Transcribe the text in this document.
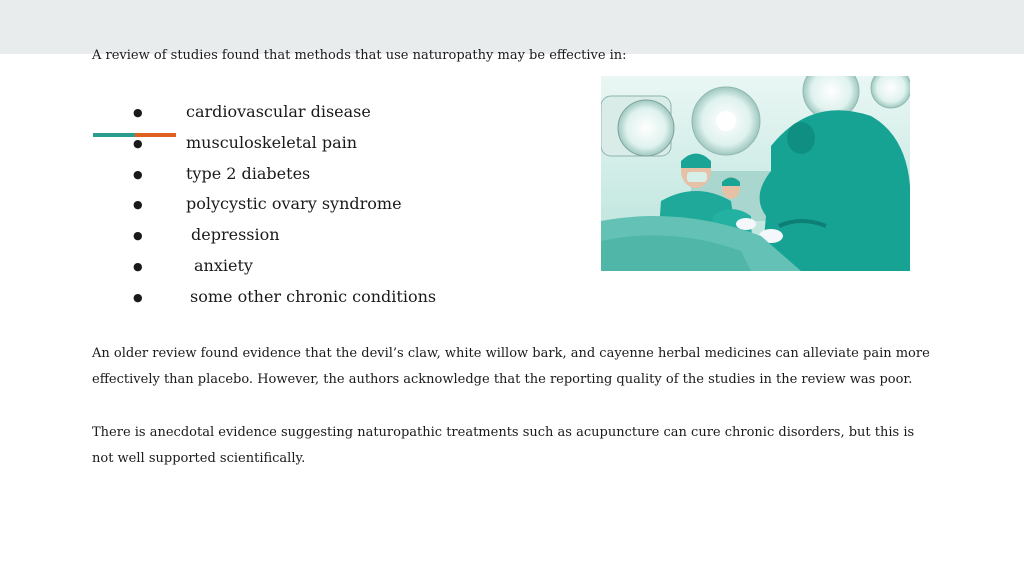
A review of studies found that methods that use naturopathy may be effective in:

●	cardiovascular disease
●	musculoskeletal pain
●	type 2 diabetes
●	polycystic ovary syndrome
●	depression
●	anxiety
●	some other chronic conditions

An older review found evidence that the devil’s claw, white willow bark, and cayenne herbal medicines can alleviate pain more effectively than placebo. However, the authors acknowledge that the reporting quality of the studies in the review was poor.

There is anecdotal evidence suggesting naturopathic treatments such as acupuncture can cure chronic disorders, but this is not well supported scientifically.
